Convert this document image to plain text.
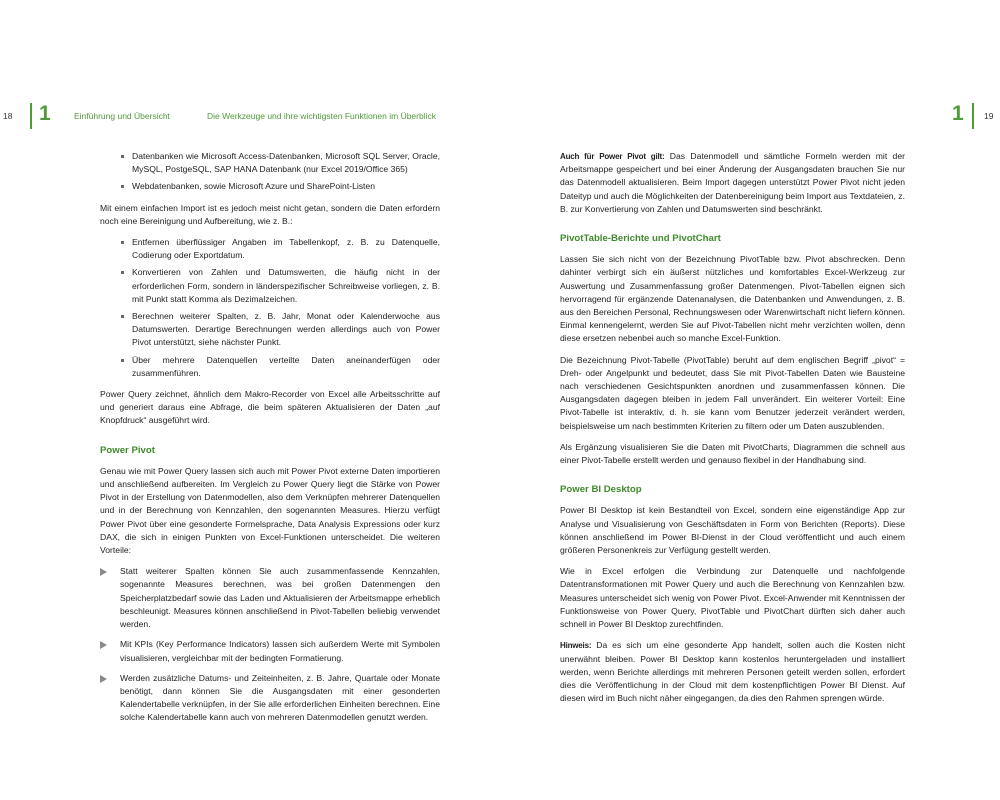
18 1	Einführung und Übersicht
Datenbanken wie Microsoft Access-Datenbanken, Microsoft SQL Server, Oracle, MySQL, PostgeSQL, SAP HANA Datenbank (nur Excel 2019/Office 365)
Webdatenbanken, sowie Microsoft Azure und SharePoint-Listen

Mit einem einfachen Import ist es jedoch meist nicht getan, sondern die Daten erfordern noch eine Bereinigung und Aufbereitung, wie z. B.:

Entfernen überflüssiger Angaben im Tabellenkopf, z. B. zu Datenquelle, Codierung oder Exportdatum.
Konvertieren von Zahlen und Datumswerten, die häufig nicht in der erforderlichen Form, sondern in länderspezifischer Schreibweise vorliegen, z. B. mit Punkt statt Komma als Dezimalzeichen.
Berechnen weiterer Spalten, z. B. Jahr, Monat oder Kalenderwoche aus Datumswerten. Derartige Berechnungen werden allerdings auch von Power Pivot unterstützt, siehe nächster Punkt.
Über mehrere Datenquellen verteilte Daten aneinanderfügen oder zusammenführen.

Power Query zeichnet, ähnlich dem Makro-Recorder von Excel alle Arbeitsschritte auf und generiert daraus eine Abfrage, die beim späteren Aktualisieren der Daten „auf Knopfdruck“ ausgeführt wird.

Power Pivot

Genau wie mit Power Query lassen sich auch mit Power Pivot externe Daten importieren und anschließend aufbereiten. Im Vergleich zu Power Query liegt die Stärke von Power Pivot in der Erstellung von Datenmodellen, also dem Verknüpfen mehrerer Datenquellen und in der Berechnung von Kennzahlen, den sogenannten Measures. Hierzu verfügt Power Pivot über eine gesonderte Formelsprache, Data Analysis Expressions oder kurz DAX, die sich in einigen Punkten von Excel-Funktionen unterscheidet. Die weiteren Vorteile:

Statt weiterer Spalten können Sie auch zusammenfassende Kennzahlen, sogenannte Measures berechnen, was bei großen Datenmengen den Speicherplatzbedarf sowie das Laden und Aktualisieren der Arbeitsmappe erheblich beschleunigt. Measures können anschließend in Pivot-Tabellen beliebig verwendet werden.
Mit KPIs (Key Performance Indicators) lassen sich außerdem Werte mit Symbolen visualisieren, vergleichbar mit der bedingten Formatierung.
Werden zusätzliche Datums- und Zeiteinheiten, z. B. Jahre, Quartale oder Monate benötigt, dann können Sie die Ausgangsdaten mit einer gesonderten Kalendertabelle verknüpfen, in der Sie alle erforderlichen Einheiten berechnen. Eine solche Kalendertabelle kann auch von mehreren Datenmodellen genutzt werden.
Die Werkzeuge und ihre wichtigsten Funktionen im Überblick	1 19

Auch für Power Pivot gilt: Das Datenmodell und sämtliche Formeln werden mit der Arbeitsmappe gespeichert und bei einer Änderung der Ausgangsdaten brauchen Sie nur das Datenmodell aktualisieren. Beim Import dagegen unterstützt Power Pivot nicht jeden Dateityp und auch die Möglichkeiten der Datenbereinigung beim Import aus Textdateien, z. B. zur Konvertierung von Zahlen und Datumswerten sind beschränkt.

PivotTable-Berichte und PivotChart

Lassen Sie sich nicht von der Bezeichnung PivotTable bzw. Pivot abschrecken. Denn dahinter verbirgt sich ein äußerst nützliches und komfortables Excel-Werkzeug zur Auswertung und Zusammenfassung großer Datenmengen. Pivot-Tabellen eignen sich hervorragend für ergänzende Datenanalysen, die Datenbanken und Anwendungen, z. B. aus den Bereichen Personal, Rechnungswesen oder Warenwirtschaft nicht liefern können. Einmal kennengelernt, werden Sie auf Pivot-Tabellen nicht mehr verzichten wollen, denn diese ersetzen nebenbei auch so manche Excel-Funktion.

Die Bezeichnung Pivot-Tabelle (PivotTable) beruht auf dem englischen Begriff „pivot“ = Dreh- oder Angelpunkt und bedeutet, dass Sie mit Pivot-Tabellen Daten wie Bausteine nach verschiedenen Gesichtspunkten anordnen und zusammenfassen können. Die Ausgangsdaten dagegen bleiben in jedem Fall unverändert. Ein weiterer Vorteil: Eine Pivot-Tabelle ist interaktiv, d. h. sie kann vom Benutzer jederzeit verändert werden, beispielsweise um nach bestimmten Kriterien zu filtern oder um Daten auszublenden.

Als Ergänzung visualisieren Sie die Daten mit PivotCharts, Diagrammen die schnell aus einer Pivot-Tabelle erstellt werden und genauso flexibel in der Handhabung sind.

Power BI Desktop

Power BI Desktop ist kein Bestandteil von Excel, sondern eine eigenständige App zur Analyse und Visualisierung von Geschäftsdaten in Form von Berichten (Reports). Diese können anschließend im Power BI-Dienst in der Cloud veröffentlicht und auch einem größeren Personenkreis zur Verfügung gestellt werden.

Wie in Excel erfolgen die Verbindung zur Datenquelle und nachfolgende Datentransformationen mit Power Query und auch die Berechnung von Kennzahlen bzw. Measures unterscheidet sich wenig von Power Pivot. Excel-Anwender mit Kenntnissen der Funktionsweise von Power Query, PivotTable und PivotChart dürften sich daher auch schnell in Power BI Desktop zurechtfinden.

Hinweis: Da es sich um eine gesonderte App handelt, sollen auch die Kosten nicht unerwähnt bleiben. Power BI Desktop kann kostenlos heruntergeladen und installiert werden, wenn Berichte allerdings mit mehreren Personen geteilt werden sollen, erfordert dies die Veröffentlichung in der Cloud mit dem kostenpflichtigen Power BI Dienst. Auf diesen wird im Buch nicht näher eingegangen, da dies den Rahmen sprengen würde.
